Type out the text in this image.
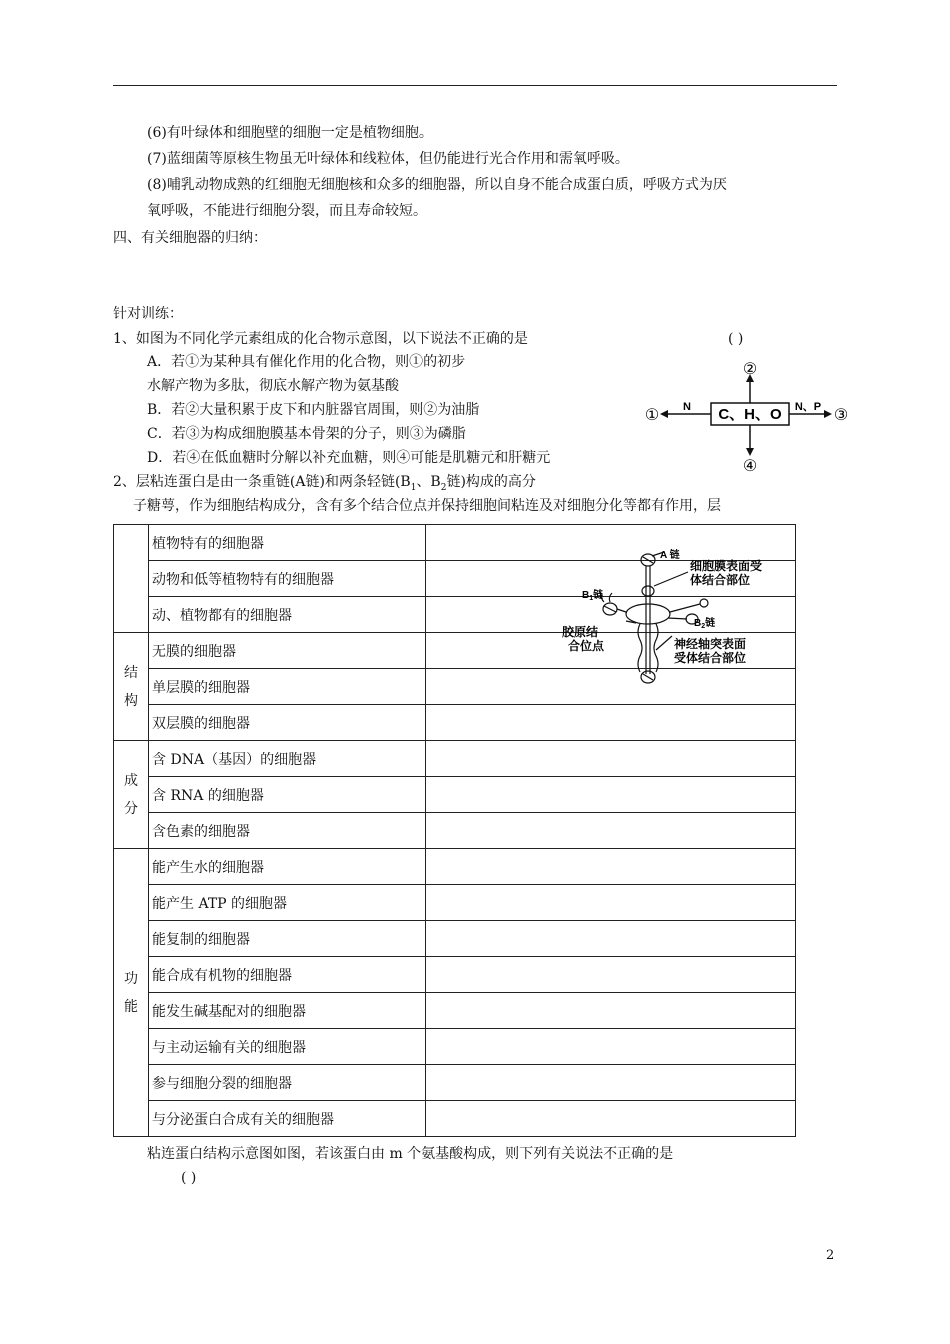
(6)有叶绿体和细胞壁的细胞一定是植物细胞。
(7)蓝细菌等原核生物虽无叶绿体和线粒体，但仍能进行光合作用和需氧呼吸。
(8)哺乳动物成熟的红细胞无细胞核和众多的细胞器，所以自身不能合成蛋白质，呼吸方式为厌
氧呼吸，不能进行细胞分裂，而且寿命较短。
四、有关细胞器的归纳：
针对训练：
1、如图为不同化学元素组成的化合物示意图，以下说法不正确的是	( )
A．若①为某种具有催化作用的化合物，则①的初步
水解产物为多肽，彻底水解产物为氨基酸
B．若②大量积累于皮下和内脏器官周围，则②为油脂
C．若③为构成细胞膜基本骨架的分子，则③为磷脂
D．若④在低血糖时分解以补充血糖，则④可能是肌糖元和肝糖元
C、H、O
②
④
① N	③
N、P
2、层粘连蛋白是由一条重链(A链)和两条轻链($B_1$、$B_2$链)构成的高分
子糖萼，作为细胞结构成分，含有多个结合位点并保持细胞间粘连及对细胞分化等都有作用，层
	植物特有的细胞器	
	动物和低等植物特有的细胞器	
	动、植物都有的细胞器	
结构	无膜的细胞器	
	单层膜的细胞器	
	双层膜的细胞器	
成分	含 DNA（基因）的细胞器	
	含 RNA 的细胞器	
	含色素的细胞器	
功能	能产生水的细胞器	
	能产生 ATP 的细胞器	
	能复制的细胞器	
	能合成有机物的细胞器	
	能发生碱基配对的细胞器	
	与主动运输有关的细胞器	
	参与细胞分裂的细胞器	
	与分泌蛋白合成有关的细胞器	
A 链
细胞膜表面受
体结合部位
$B_1$链
$B_2$链
胶原结
合位点	神经轴突表面
受体结合部位
粘连蛋白结构示意图如图，若该蛋白由 m 个氨基酸构成，则下列有关说法不正确的是
( )
2
